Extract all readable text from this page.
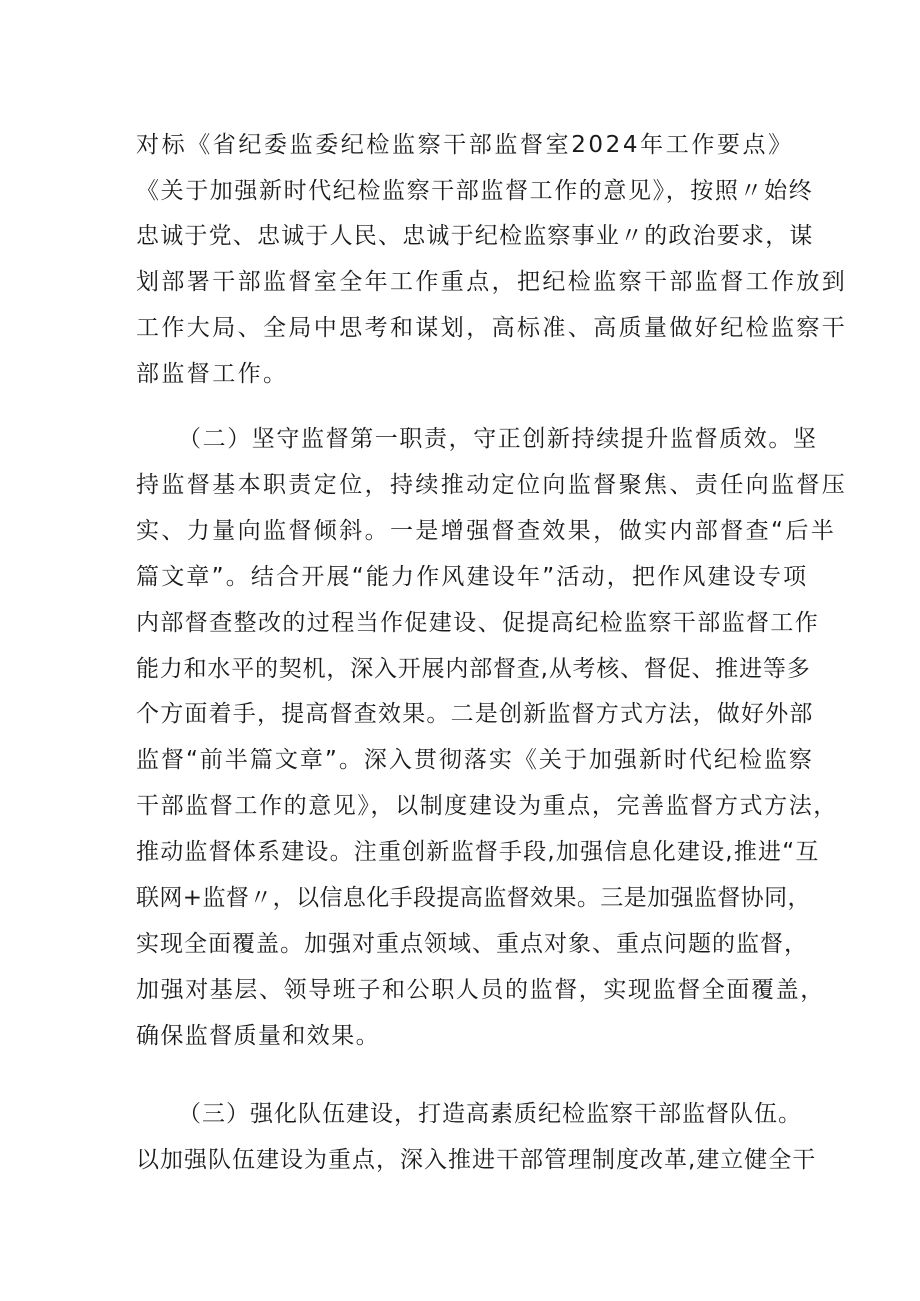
对标《省纪委监委纪检监察干部监督室2024年工作要点》

《关于加强新时代纪检监察干部监督工作的意见》，按照〃始终

忠诚于党、忠诚于人民、忠诚于纪检监察事业〃的政治要求，谋

划部署干部监督室全年工作重点，把纪检监察干部监督工作放到

工作大局、全局中思考和谋划，高标准、高质量做好纪检监察干

部监督工作。

（二）坚守监督第一职责，守正创新持续提升监督质效。坚

持监督基本职责定位，持续推动定位向监督聚焦、责任向监督压

实、力量向监督倾斜。一是增强督查效果，做实内部督查“后半

篇文章”。结合开展“能力作风建设年”活动，把作风建设专项

内部督查整改的过程当作促建设、促提高纪检监察干部监督工作

能力和水平的契机，深入开展内部督查,从考核、督促、推进等多

个方面着手，提高督查效果。二是创新监督方式方法，做好外部

监督“前半篇文章”。深入贯彻落实《关于加强新时代纪检监察

干部监督工作的意见》，以制度建设为重点，完善监督方式方法，

推动监督体系建设。注重创新监督手段,加强信息化建设,推进“互

联网+监督〃，以信息化手段提高监督效果。三是加强监督协同，

实现全面覆盖。加强对重点领域、重点对象、重点问题的监督，

加强对基层、领导班子和公职人员的监督，实现监督全面覆盖，

确保监督质量和效果。

（三）强化队伍建设，打造高素质纪检监察干部监督队伍。

以加强队伍建设为重点，深入推进干部管理制度改革,建立健全干
